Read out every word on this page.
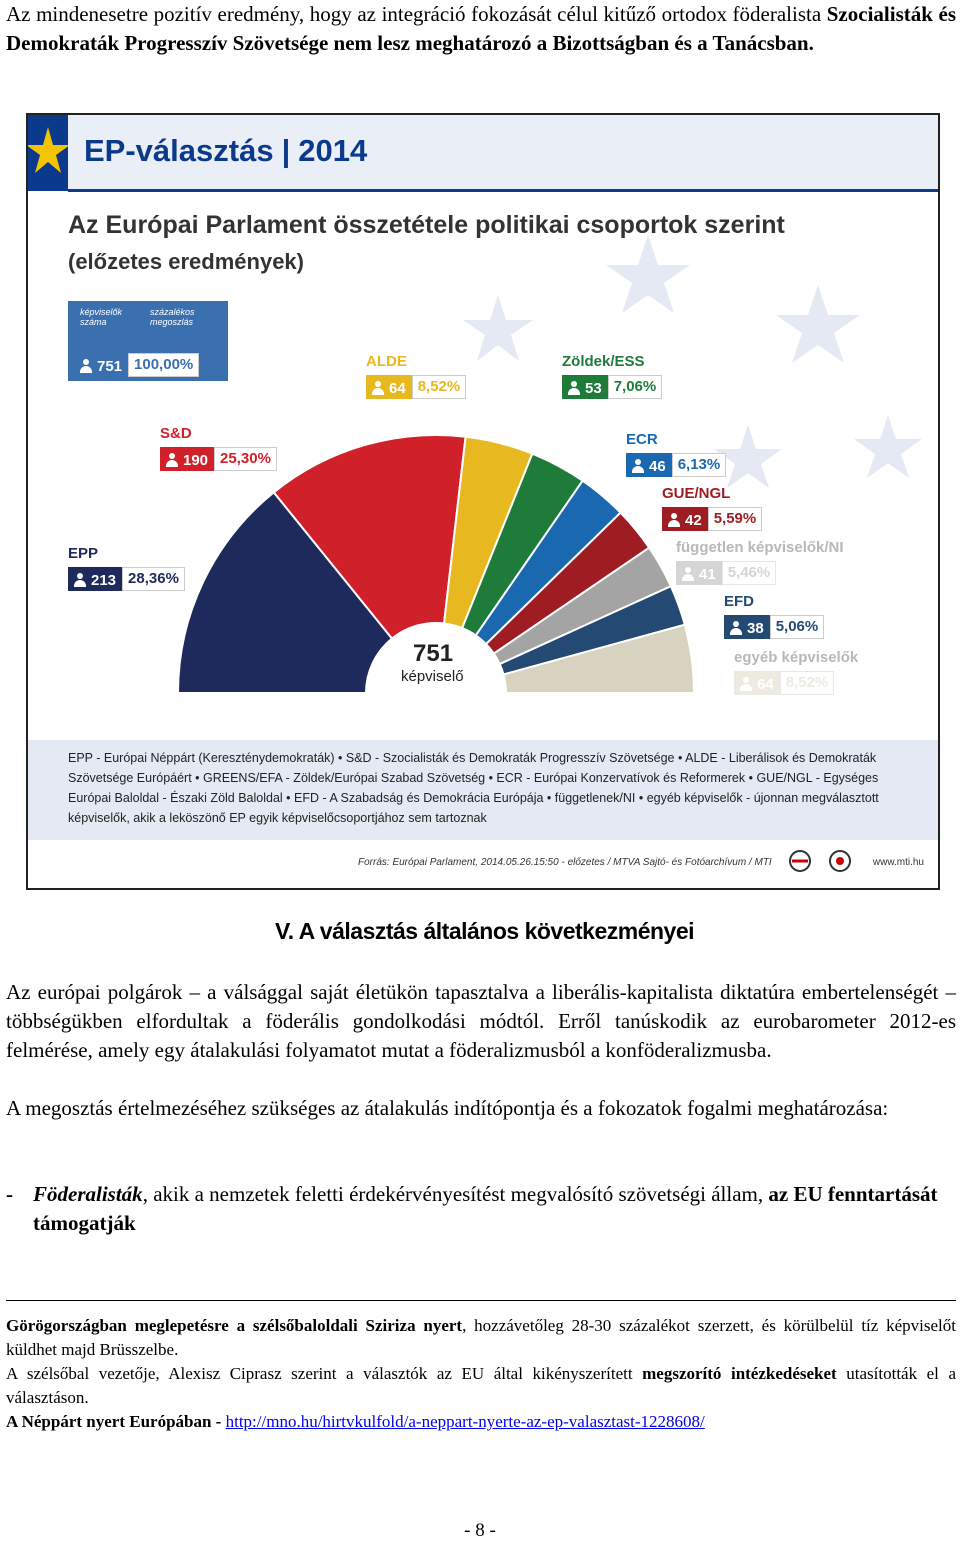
Az mindenesetre pozitív eredmény, hogy az integráció fokozását célul kitűző ortodox föderalista Szocialisták és Demokraták Progresszív Szövetsége nem lesz meghatározó a Bizottságban és a Tanácsban.
EP-választás | 2014
Az Európai Parlament összetétele politikai csoportok szerint
(előzetes eredmények)
képviselők száma
százalékos megoszlás
751 100,00%
751
képviselő
EPP
213 28,36%
S&D
190 25,30%
ALDE
64 8,52%
Zöldek/ESS
53 7,06%
ECR
46 6,13%
GUE/NGL
42 5,59%
független képviselők/NI
41 5,46%
EFD
38 5,06%
egyéb képviselők
64 8,52%
EPP - Európai Néppárt (Kereszténydemokraták) • S&D - Szocialisták és Demokraták Progresszív Szövetsége • ALDE - Liberálisok és Demokraták
Szövetsége Európáért • GREENS/EFA - Zöldek/Európai Szabad Szövetség • ECR - Európai Konzervatívok és Reformerek • GUE/NGL - Egységes
Európai Baloldal - Északi Zöld Baloldal • EFD - A Szabadság és Demokrácia Európája • függetlenek/NI • egyéb képviselők - újonnan megválasztott
képviselők, akik a leköszönő EP egyik képviselőcsoportjához sem tartoznak
Forrás: Európai Parlament, 2014.05.26.15:50 - előzetes / MTVA Sajtó- és Fotóarchívum / MTI	www.mti.hu
V. A választás általános következményei
Az európai polgárok – a válsággal saját életükön tapasztalva a liberális-kapitalista diktatúra embertelenségét – többségükben elfordultak a föderális gondolkodási módtól. Erről tanúskodik az eurobarometer 2012-es felmérése, amely egy átalakulási folyamatot mutat a föderalizmusból a konföderalizmusba.
A megosztás értelmezéséhez szükséges az átalakulás indítópontja és a fokozatok fogalmi meghatározása:
- Föderalisták, akik a nemzetek feletti érdekérvényesítést megvalósító szövetségi állam, az EU fenntartását támogatják
Görögországban meglepetésre a szélsőbaloldali Sziriza nyert, hozzávetőleg 28-30 százalékot szerzett, és körülbelül tíz képviselőt küldhet majd Brüsszelbe.
A szélsőbal vezetője, Alexisz Ciprasz szerint a választók az EU által kikényszerített megszorító intézkedéseket utasították el a választáson.
A Néppárt nyert Európában - http://mno.hu/hirtvkulfold/a-neppart-nyerte-az-ep-valasztast-1228608/
- 8 -
